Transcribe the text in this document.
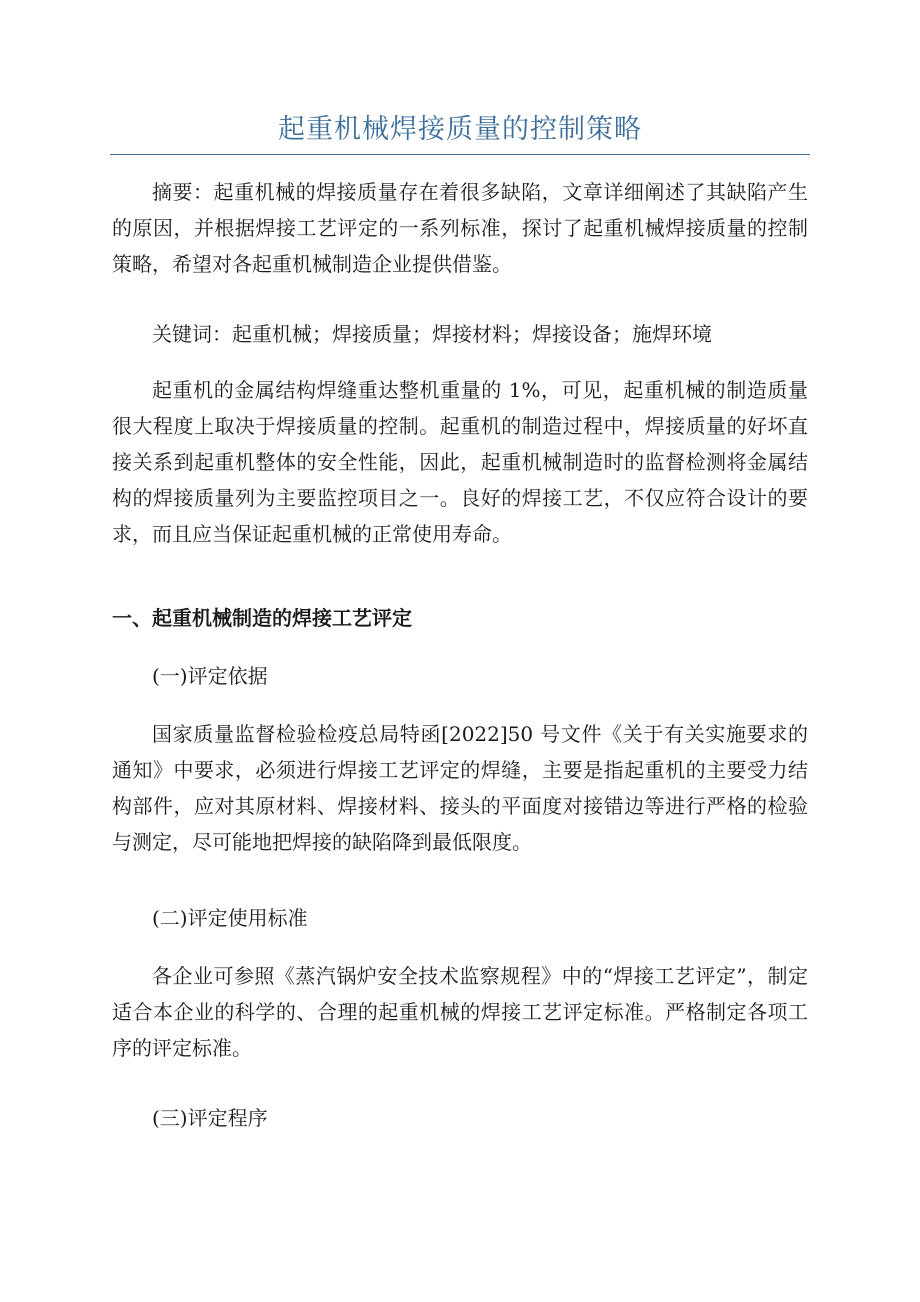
起重机械焊接质量的控制策略

摘要：起重机械的焊接质量存在着很多缺陷，文章详细阐述了其缺陷产生的原因，并根据焊接工艺评定的一系列标准，探讨了起重机械焊接质量的控制策略，希望对各起重机械制造企业提供借鉴。

关键词：起重机械；焊接质量；焊接材料；焊接设备；施焊环境

起重机的金属结构焊缝重达整机重量的 1%，可见，起重机械的制造质量很大程度上取决于焊接质量的控制。起重机的制造过程中，焊接质量的好坏直接关系到起重机整体的安全性能，因此，起重机械制造时的监督检测将金属结构的焊接质量列为主要监控项目之一。良好的焊接工艺，不仅应符合设计的要求，而且应当保证起重机械的正常使用寿命。

一、起重机械制造的焊接工艺评定

(一)评定依据

国家质量监督检验检疫总局特函[2022]50 号文件《关于有关实施要求的通知》中要求，必须进行焊接工艺评定的焊缝，主要是指起重机的主要受力结构部件，应对其原材料、焊接材料、接头的平面度对接错边等进行严格的检验与测定，尽可能地把焊接的缺陷降到最低限度。

(二)评定使用标准

各企业可参照《蒸汽锅炉安全技术监察规程》中的“焊接工艺评定”，制定适合本企业的科学的、合理的起重机械的焊接工艺评定标准。严格制定各项工序的评定标准。

(三)评定程序
